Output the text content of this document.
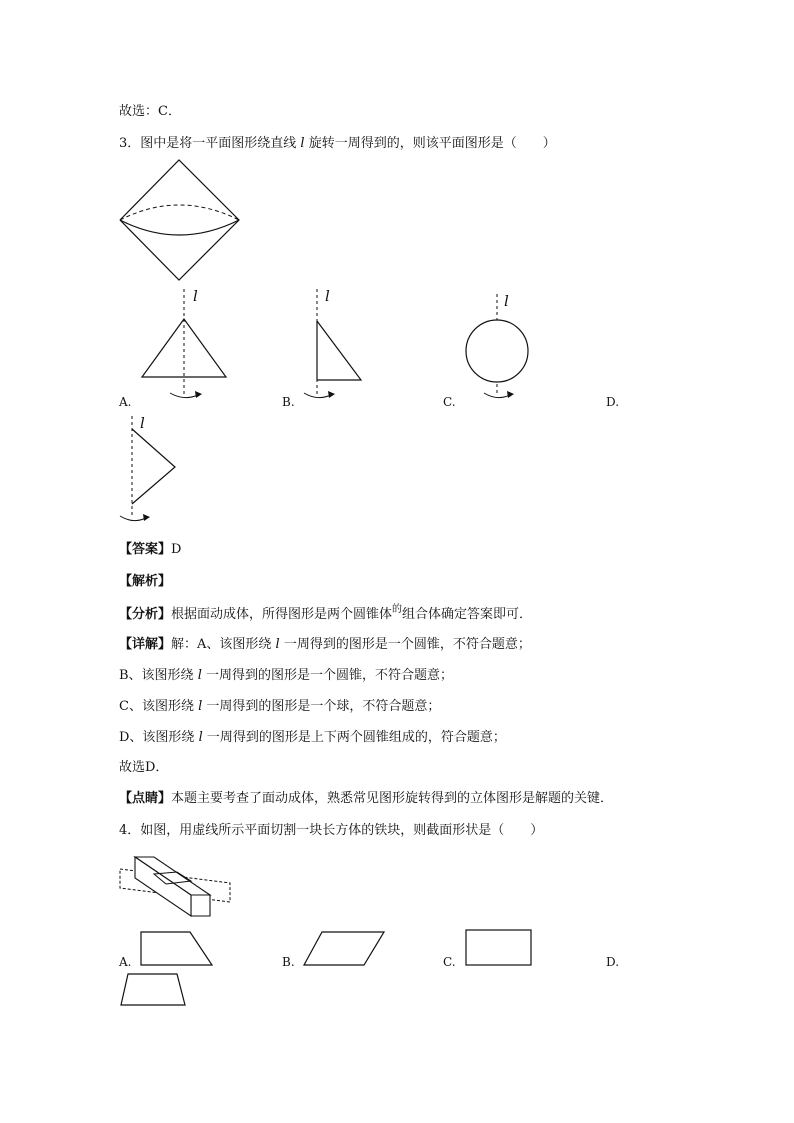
故选：C．
3．图中是将一平面图形绕直线 l 旋转一周得到的，则该平面图形是（　　）
l
A.
l
B.
l
C.	D.
l
【答案】D
【解析】
【分析】根据面动成体，所得图形是两个圆锥体$^的$组合体确定答案即可．
【详解】解：A、该图形绕 l 一周得到的图形是一个圆锥，不符合题意；
B、该图形绕 l 一周得到的图形是一个圆锥，不符合题意；
C、该图形绕 l 一周得到的图形是一个球，不符合题意；
D、该图形绕 l 一周得到的图形是上下两个圆锥组成的，符合题意；
故选D．
【点睛】本题主要考查了面动成体，熟悉常见图形旋转得到的立体图形是解题的关键．
4．如图，用虚线所示平面切割一块长方体的铁块，则截面形状是（　　）
A.	B.	C.	D.
